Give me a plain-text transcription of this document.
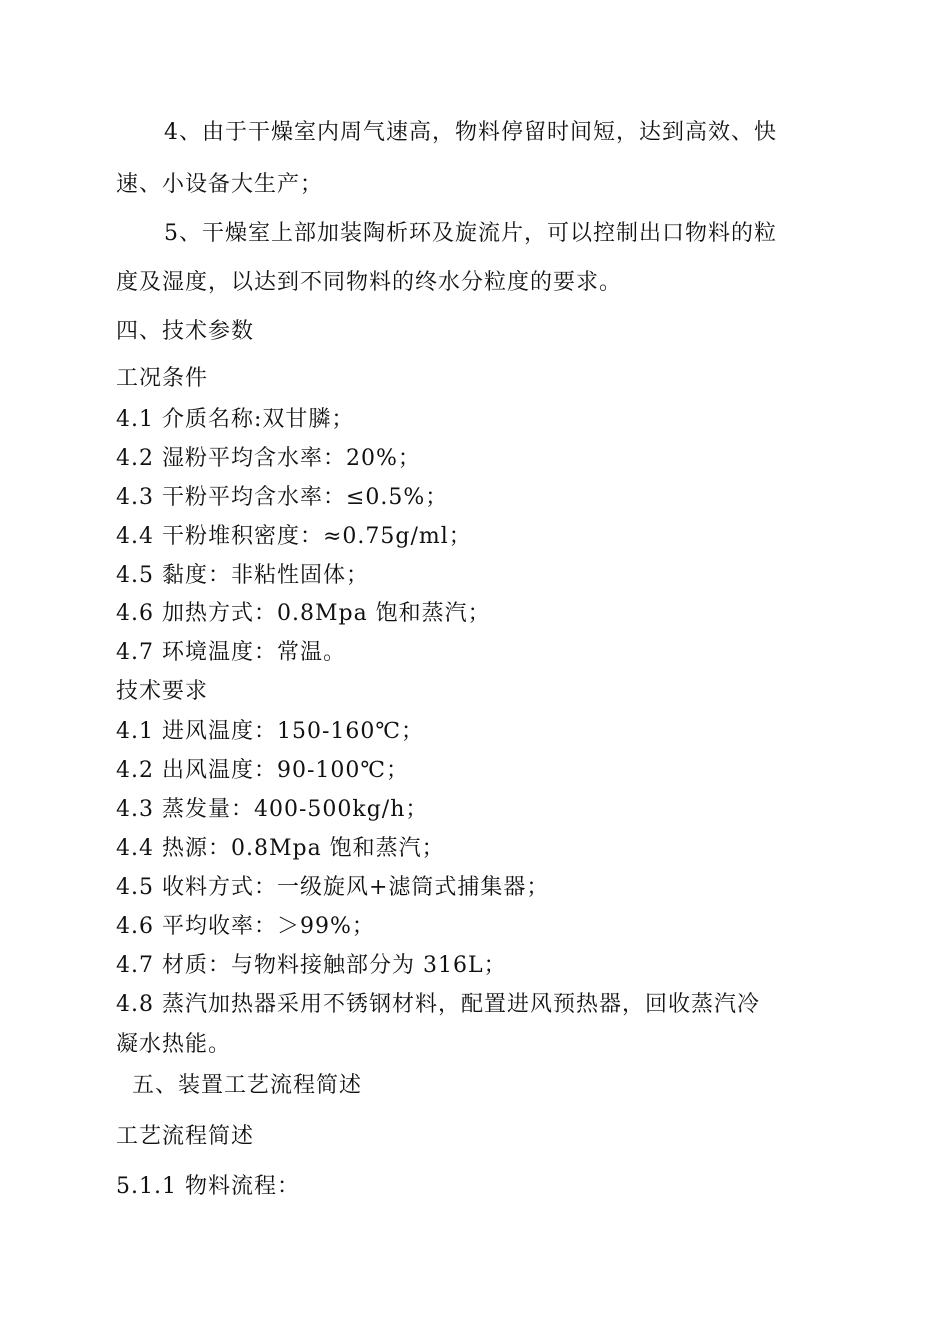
4、由于干燥室内周气速高，物料停留时间短，达到高效、快
速、小设备大生产；
5、干燥室上部加装陶析环及旋流片，可以控制出口物料的粒
度及湿度，以达到不同物料的终水分粒度的要求。
四、技术参数
工况条件
4.1 介质名称:双甘膦；
4.2 湿粉平均含水率：20%；
4.3 干粉平均含水率：≤0.5%；
4.4 干粉堆积密度：≈0.75g/ml；
4.5 黏度：非粘性固体；
4.6 加热方式：0.8Mpa 饱和蒸汽；
4.7 环境温度：常温。
技术要求
4.1 进风温度：150-160℃；
4.2 出风温度：90-100℃；
4.3 蒸发量：400-500kg/h；
4.4 热源：0.8Mpa 饱和蒸汽；
4.5 收料方式：一级旋风+滤筒式捕集器；
4.6 平均收率：＞99%；
4.7 材质：与物料接触部分为 316L；
4.8 蒸汽加热器采用不锈钢材料，配置进风预热器，回收蒸汽冷
凝水热能。
五、装置工艺流程简述
工艺流程简述
5.1.1 物料流程：
